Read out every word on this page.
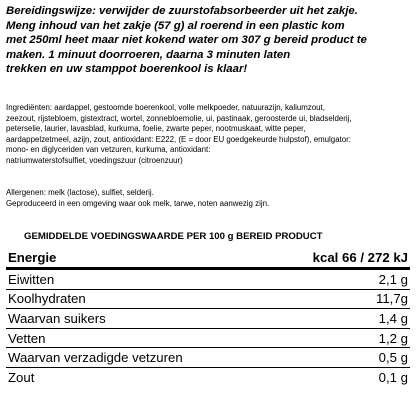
Bereidingswijze: verwijder de zuurstofabsorbeerder uit het zakje.
Meng inhoud van het zakje (57 g) al roerend in een plastic kom
met 250ml heet maar niet kokend water om 307 g bereid product te
maken. 1 minuut doorroeren, daarna 3 minuten laten
trekken en uw stamppot boerenkool is klaar!
Ingrediënten: aardappel, gestoomde boerenkool, volle melkpoeder, natuurazijn, kaliumzout,
zeezout, rijstebloem, gistextract, wortel, zonnebloemolie, ui, pastinaak, geroosterde ui, bladselderij,
peterselie, laurier, lavasblad, kurkuma, foelie, zwarte peper, nootmuskaat, witte peper,
aardappelzetmeel, azijn, zout, antioxidant: E222, (E = door EU goedgekeurde hulpstof), emulgator:
mono- en diglyceriden van vetzuren, kurkuma, antioxidant:
natriumwaterstofsulfiet, voedingszuur (citroenzuur)
Allergenen: melk (lactose), sulfiet, selderij.
Geproduceerd in een omgeving waar ook melk, tarwe, noten aanwezig zijn.
GEMIDDELDE VOEDINGSWAARDE PER 100 g BEREID PRODUCT
Energie	kcal 66 / 272 kJ
Eiwitten	2,1 g
Koolhydraten	11,7g
Waarvan suikers	1,4 g
Vetten	1,2 g
Waarvan verzadigde vetzuren	0,5 g
Zout	0,1 g
